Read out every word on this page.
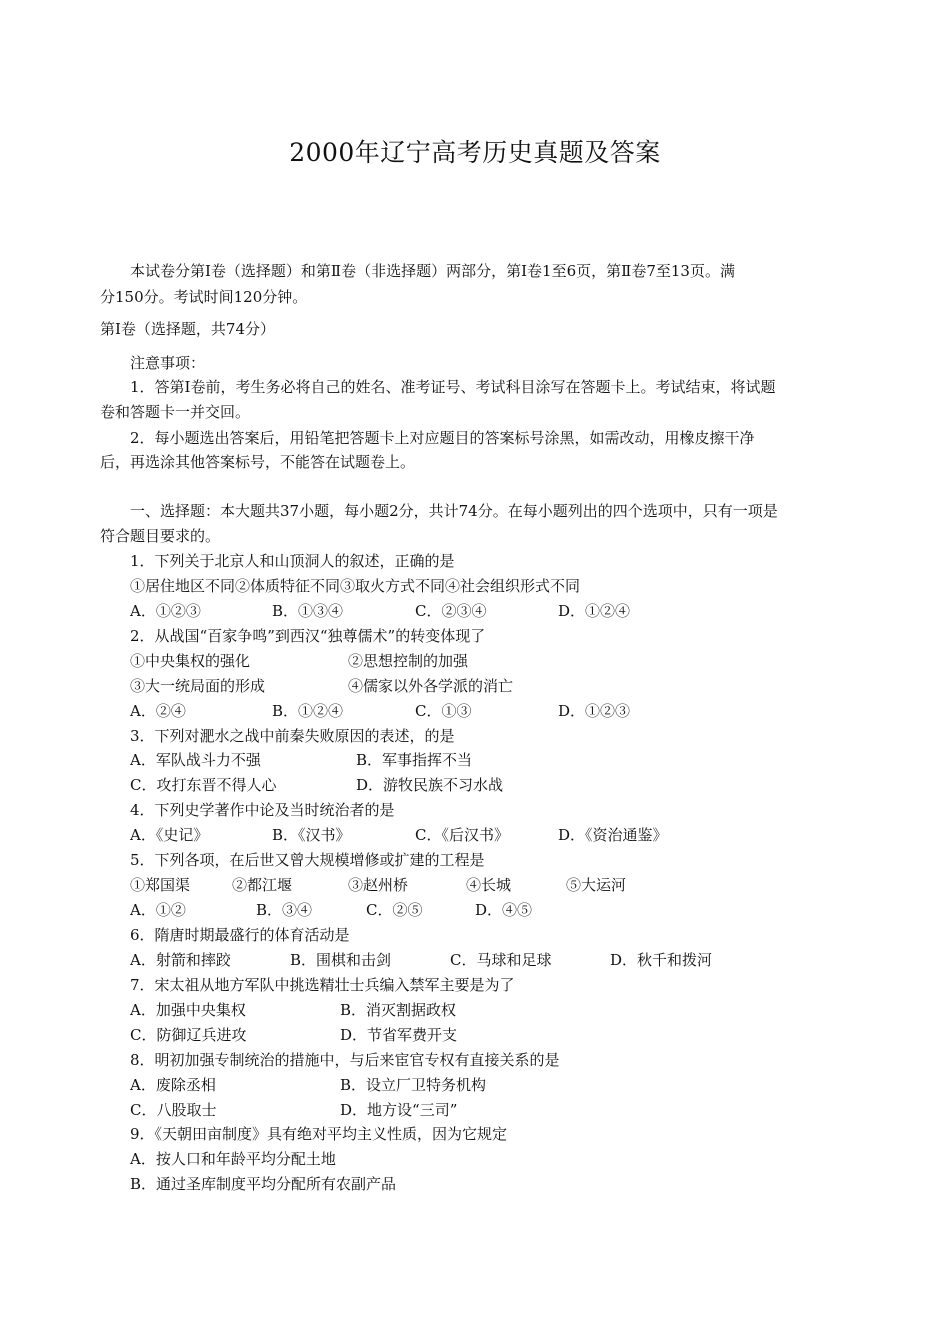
2000年辽宁高考历史真题及答案
本试卷分第Ⅰ卷（选择题）和第Ⅱ卷（非选择题）两部分，第Ⅰ卷1至6页，第Ⅱ卷7至13页。满
分150分。考试时间120分钟。
第Ⅰ卷（选择题，共74分）
注意事项：
1．答第Ⅰ卷前，考生务必将自己的姓名、准考证号、考试科目涂写在答题卡上。考试结束，将试题
卷和答题卡一并交回。
2．每小题选出答案后，用铅笔把答题卡上对应题目的答案标号涂黑，如需改动，用橡皮擦干净
后，再选涂其他答案标号，不能答在试题卷上。
一、选择题：本大题共37小题，每小题2分，共计74分。在每小题列出的四个选项中，只有一项是
符合题目要求的。
1．下列关于北京人和山顶洞人的叙述，正确的是
①居住地区不同②体质特征不同③取火方式不同④社会组织形式不同
A．①②③	B．①③④	C．②③④	D．①②④
2．从战国“百家争鸣”到西汉“独尊儒术”的转变体现了
①中央集权的强化	②思想控制的加强
③大一统局面的形成	④儒家以外各学派的消亡
A．②④	B．①②④	C．①③	D．①②③
3．下列对淝水之战中前秦失败原因的表述，的是
A．军队战斗力不强	B．军事指挥不当
C．攻打东晋不得人心	D．游牧民族不习水战
4．下列史学著作中论及当时统治者的是
A．《史记》	B．《汉书》	C．《后汉书》	D．《资治通鉴》
5．下列各项，在后世又曾大规模增修或扩建的工程是
①郑国渠	②都江堰	③赵州桥	④长城	⑤大运河
A．①②	B．③④	C．②⑤	D．④⑤
6．隋唐时期最盛行的体育活动是
A．射箭和摔跤	B．围棋和击剑	C．马球和足球	D．秋千和拨河
7．宋太祖从地方军队中挑选精壮士兵编入禁军主要是为了
A．加强中央集权	B．消灭割据政权
C．防御辽兵进攻	D．节省军费开支
8．明初加强专制统治的措施中，与后来宦官专权有直接关系的是
A．废除丞相	B．设立厂卫特务机构
C．八股取士	D．地方设“三司”
9．《天朝田亩制度》具有绝对平均主义性质，因为它规定
A．按人口和年龄平均分配土地
B．通过圣库制度平均分配所有农副产品
